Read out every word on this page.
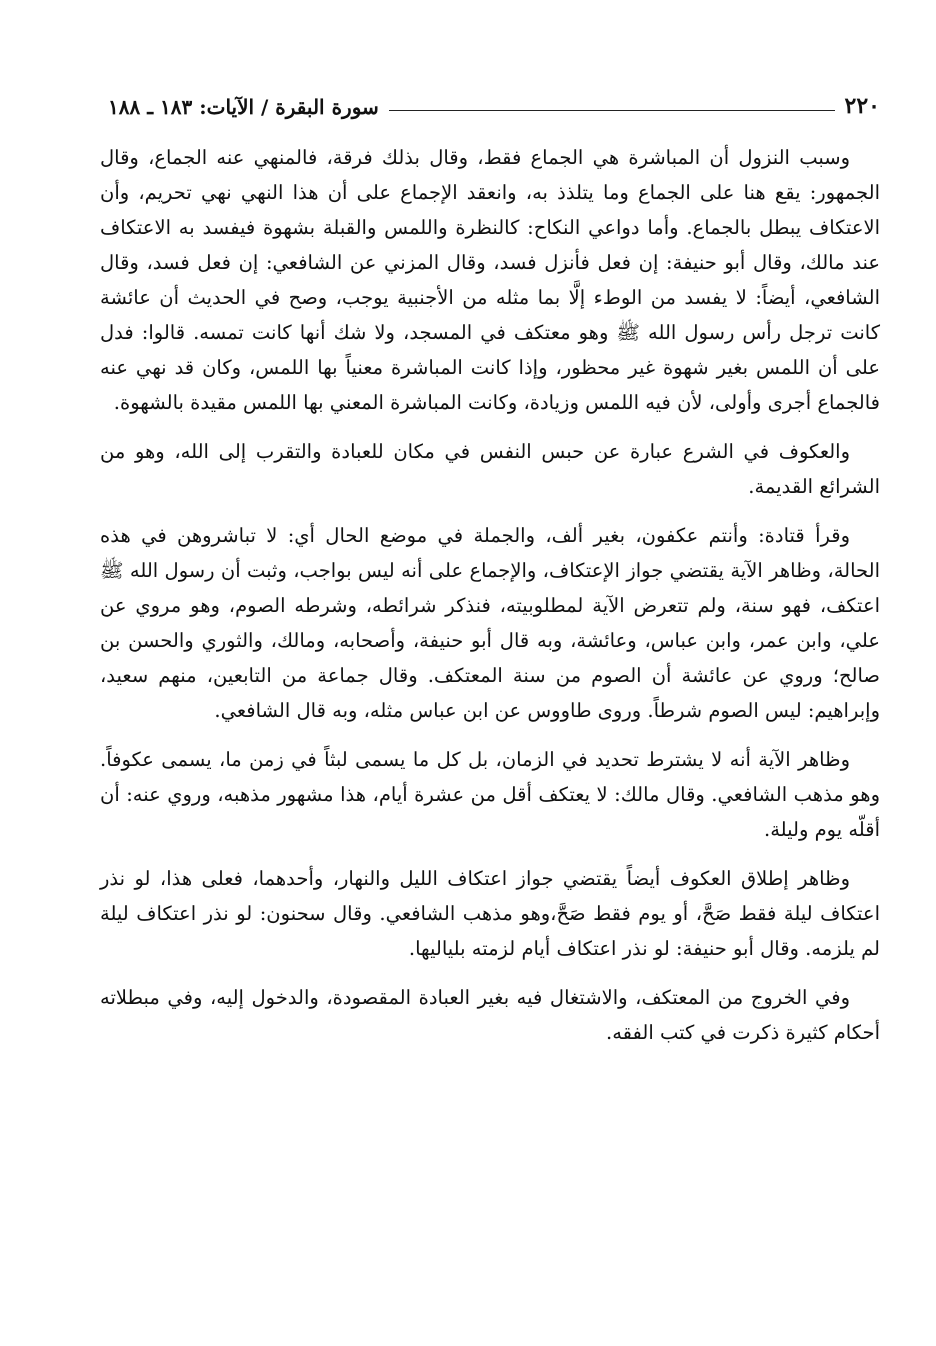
٢٢٠
سورة البقرة / الآيات: ١٨٣ ـ ١٨٨

وسبب النزول أن المباشرة هي الجماع فقط، وقال بذلك فرقة، فالمنهي عنه الجماع، وقال الجمهور: يقع هنا على الجماع وما يتلذذ به، وانعقد الإجماع على أن هذا النهي نهي تحريم، وأن الاعتكاف يبطل بالجماع. وأما دواعي النكاح: كالنظرة واللمس والقبلة بشهوة فيفسد به الاعتكاف عند مالك، وقال أبو حنيفة: إن فعل فأنزل فسد، وقال المزني عن الشافعي: إن فعل فسد، وقال الشافعي، أيضاً: لا يفسد من الوطء إلَّا بما مثله من الأجنبية يوجب، وصح في الحديث أن عائشة كانت ترجل رأس رسول الله ﷺ وهو معتكف في المسجد، ولا شك أنها كانت تمسه. قالوا: فدل على أن اللمس بغير شهوة غير محظور، وإذا كانت المباشرة معنياً بها اللمس، وكان قد نهي عنه فالجماع أجرى وأولى، لأن فيه اللمس وزيادة، وكانت المباشرة المعني بها اللمس مقيدة بالشهوة.

والعكوف في الشرع عبارة عن حبس النفس في مكان للعبادة والتقرب إلى الله، وهو من الشرائع القديمة.

وقرأ قتادة: وأنتم عكفون، بغير ألف، والجملة في موضع الحال أي: لا تباشروهن في هذه الحالة، وظاهر الآية يقتضي جواز الإعتكاف، والإجماع على أنه ليس بواجب، وثبت أن رسول الله ﷺ اعتكف، فهو سنة، ولم تتعرض الآية لمطلوبيته، فنذكر شرائطه، وشرطه الصوم، وهو مروي عن علي، وابن عمر، وابن عباس، وعائشة، وبه قال أبو حنيفة، وأصحابه، ومالك، والثوري والحسن بن صالح؛ وروي عن عائشة أن الصوم من سنة المعتكف. وقال جماعة من التابعين، منهم سعيد، وإبراهيم: ليس الصوم شرطاً. وروى طاووس عن ابن عباس مثله، وبه قال الشافعي.

وظاهر الآية أنه لا يشترط تحديد في الزمان، بل كل ما يسمى لبثاً في زمن ما، يسمى عكوفاً. وهو مذهب الشافعي. وقال مالك: لا يعتكف أقل من عشرة أيام، هذا مشهور مذهبه، وروي عنه: أن أقلّه يوم وليلة.

وظاهر إطلاق العكوف أيضاً يقتضي جواز اعتكاف الليل والنهار، وأحدهما، فعلى هذا، لو نذر اعتكاف ليلة فقط صَحَّ، أو يوم فقط صَحَّ،وهو مذهب الشافعي. وقال سحنون: لو نذر اعتكاف ليلة لم يلزمه. وقال أبو حنيفة: لو نذر اعتكاف أيام لزمته بلياليها.

وفي الخروج من المعتكف، والاشتغال فيه بغير العبادة المقصودة، والدخول إليه، وفي مبطلاته أحكام كثيرة ذكرت في كتب الفقه.
